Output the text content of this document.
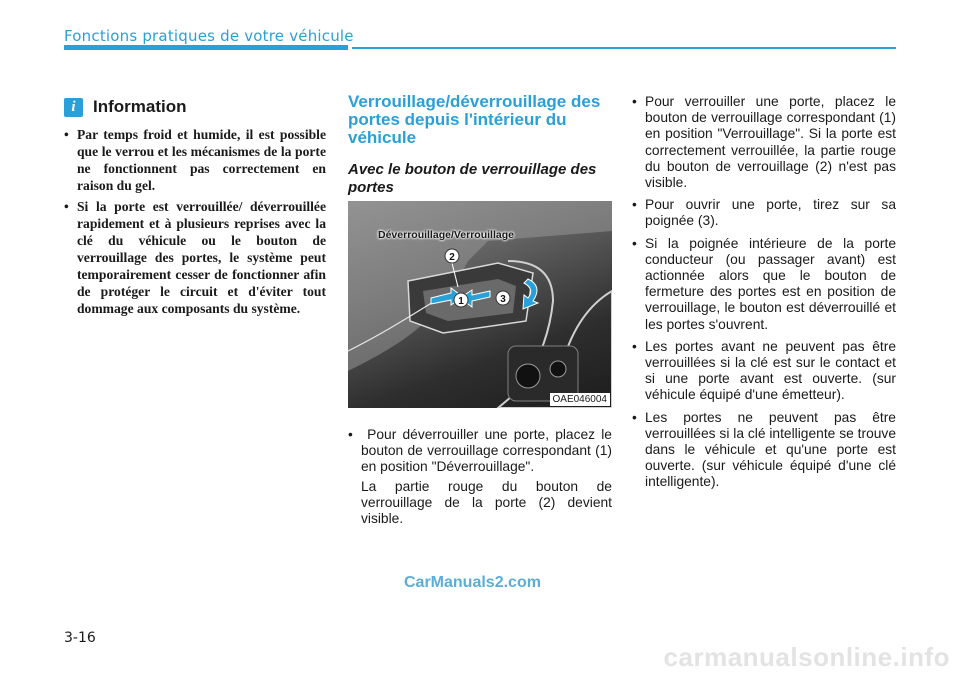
Fonctions pratiques de votre véhicule
i	Information
• Par temps froid et humide, il est possible que le verrou et les mécanismes de la porte ne fonctionnent pas correctement en raison du gel.
• Si la porte est verrouillée/ déverrouillée rapidement et à plusieurs reprises avec la clé du véhicule ou le bouton de verrouillage des portes, le système peut temporairement cesser de fonctionner afin de protéger le circuit et d'éviter tout dommage aux composants du système.
Verrouillage/déverrouillage des portes depuis l'intérieur du véhicule
Avec le bouton de verrouillage des portes
2
1	3
Déverrouillage/Verrouillage
OAE046004
• Pour déverrouiller une porte, placez le bouton de verrouillage correspondant (1) en position "Déverrouillage".
La partie rouge du bouton de verrouillage de la porte (2) devient visible.
• Pour verrouiller une porte, placez le bouton de verrouillage correspondant (1) en position "Verrouillage". Si la porte est correctement verrouillée, la partie rouge du bouton de verrouillage (2) n'est pas visible.
• Pour ouvrir une porte, tirez sur sa poignée (3).
• Si la poignée intérieure de la porte conducteur (ou passager avant) est actionnée alors que le bouton de fermeture des portes est en position de verrouillage, le bouton est déverrouillé et les portes s'ouvrent.
• Les portes avant ne peuvent pas être verrouillées si la clé est sur le contact et si une porte avant est ouverte. (sur véhicule équipé d'une émetteur).
• Les portes ne peuvent pas être verrouillées si la clé intelligente se trouve dans le véhicule et qu'une porte est ouverte. (sur véhicule équipé d'une clé intelligente).
CarManuals2.com
3-16
carmanualsonline.info
